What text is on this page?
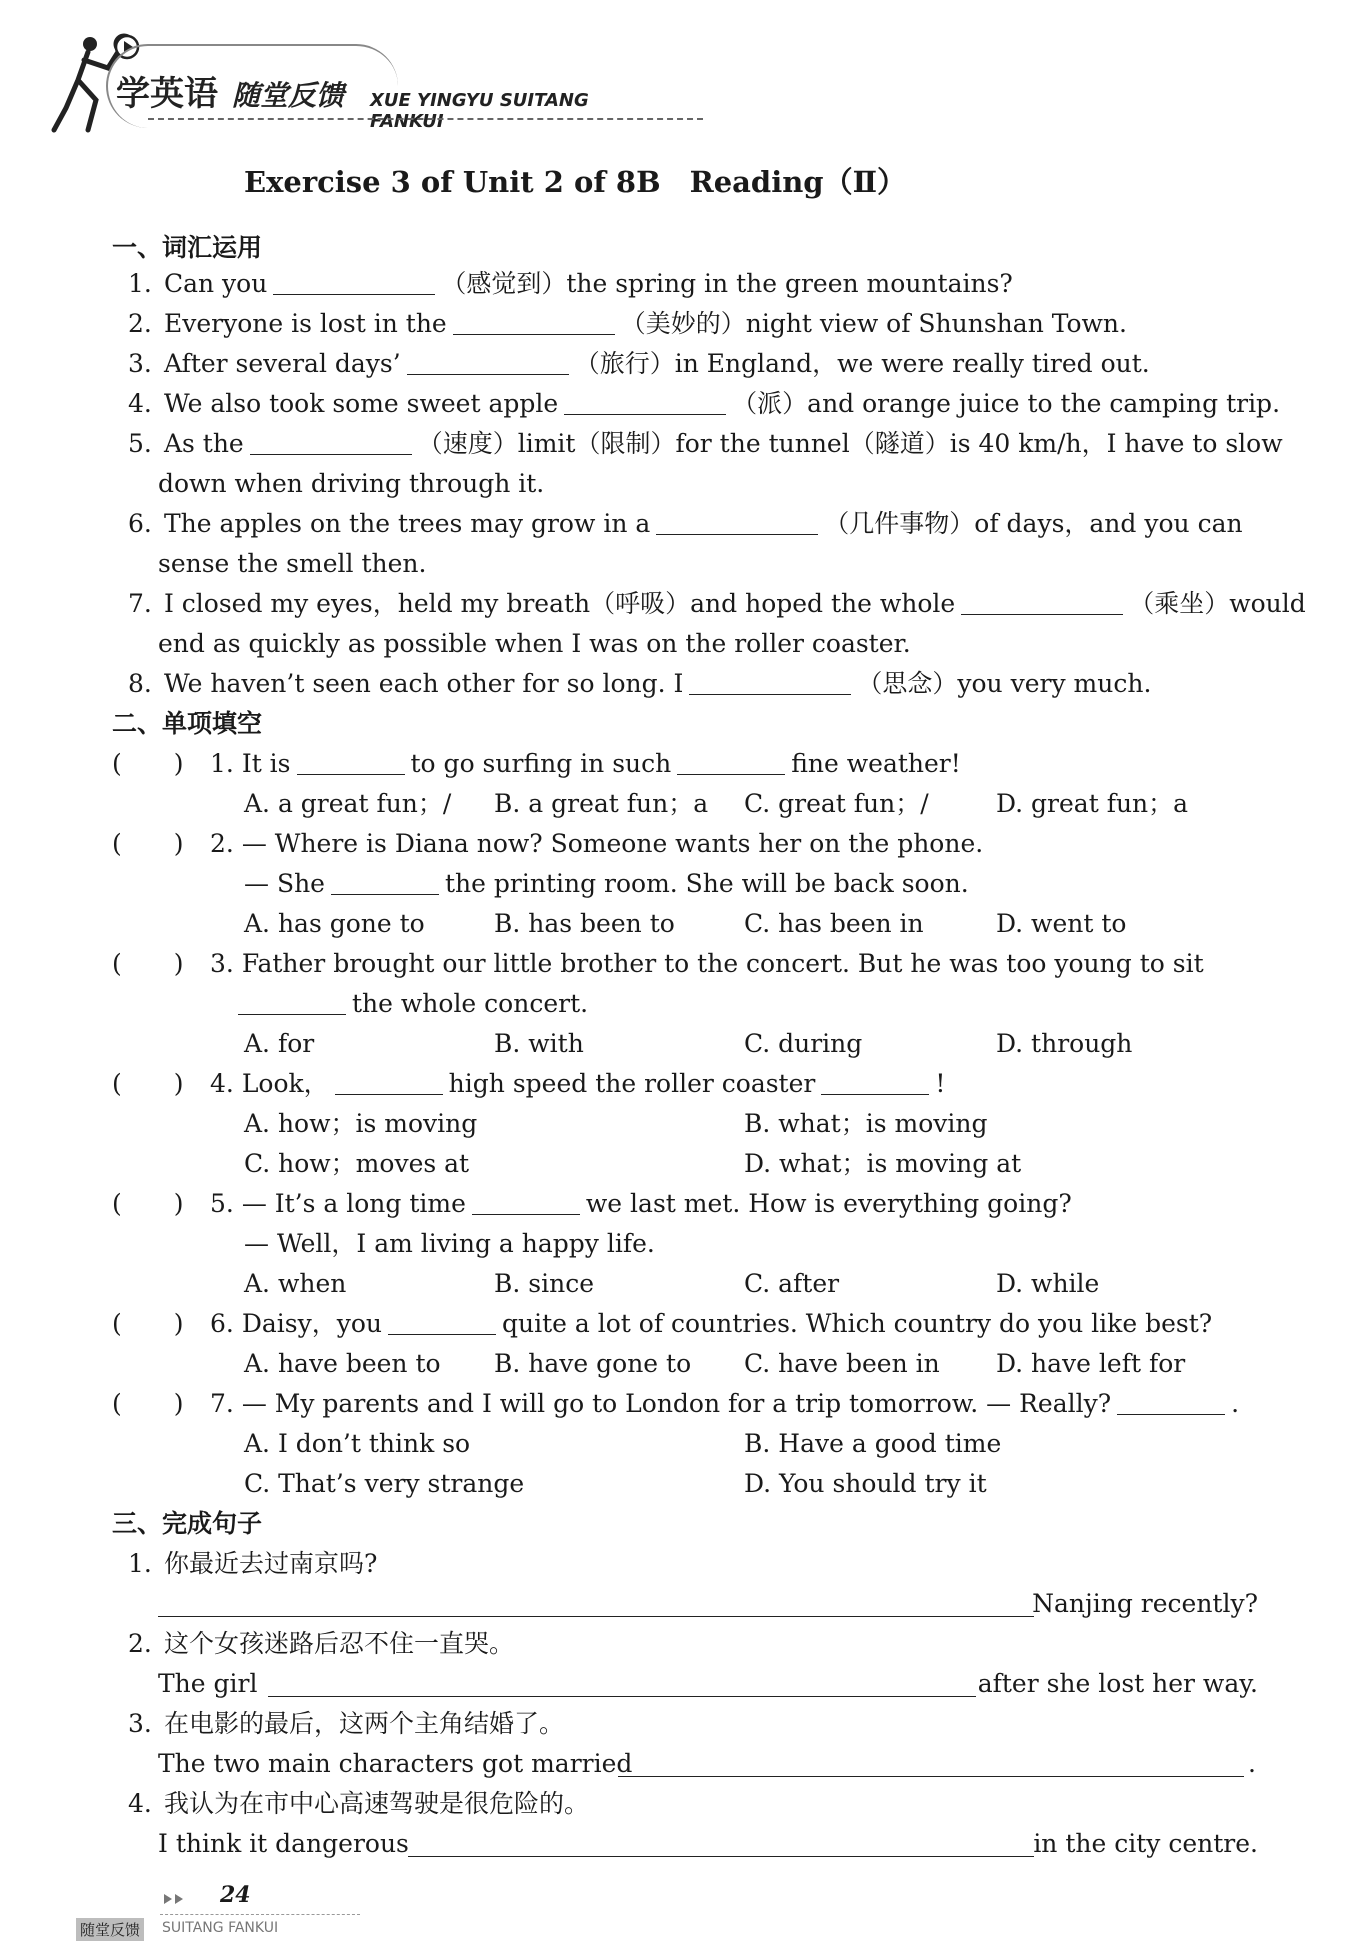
学英语 随堂反馈 XUE YINGYU SUITANG FANKUI
Exercise 3 of Unit 2 of 8B　Reading（Ⅱ）
一、词汇运用
1. Can you	（感觉到）the spring in the green mountains?
2. Everyone is lost in the	（美妙的）night view of Shunshan Town.
3. After several days’	（旅行）in England，we were really tired out.
4. We also took some sweet apple	（派）and orange juice to the camping trip.
5. As the	（速度）limit（限制）for the tunnel（隧道）is 40 km/h，I have to slow
down when driving through it.
6. The apples on the trees may grow in a	（几件事物）of days，and you can
sense the smell then.
7. I closed my eyes，held my breath（呼吸）and hoped the whole	（乘坐）would
end as quickly as possible when I was on the roller coaster.
8. We haven’t seen each other for so long. I	（思念）you very much.
二、单项填空
( ) 1. It is	to go surfing in such	fine weather!
A. a great fun；/ B. a great fun；a C. great fun；/	D. great fun；a
( ) 2. — Where is Diana now? Someone wants her on the phone.
— She	the printing room. She will be back soon.
A. has gone to	B. has been to	C. has been in	D. went to
( ) 3. Father brought our little brother to the concert. But he was too young to sit
the whole concert.
A. for	B. with	C. during	D. through
( ) 4. Look，	high speed the roller coaster	!
A. how；is moving	B. what；is moving
C. how；moves at	D. what；is moving at
( ) 5. — It’s a long time	we last met. How is everything going?
— Well，I am living a happy life.
A. when	B. since	C. after	D. while
( ) 6. Daisy，you	quite a lot of countries. Which country do you like best?
A. have been to B. have gone to C. have been in D. have left for
( ) 7. — My parents and I will go to London for a trip tomorrow. — Really?	.
A. I don’t think so	B. Have a good time
C. That’s very strange	D. You should try it
三、完成句子
1. 你最近去过南京吗?
Nanjing recently?
2. 这个女孩迷路后忍不住一直哭。
The girl	after she lost her way.
3. 在电影的最后，这两个主角结婚了。
The two main characters got married	.
4. 我认为在市中心高速驾驶是很危险的。
I think it dangerous	in the city centre.
24
随堂反馈 SUITANG FANKUI
